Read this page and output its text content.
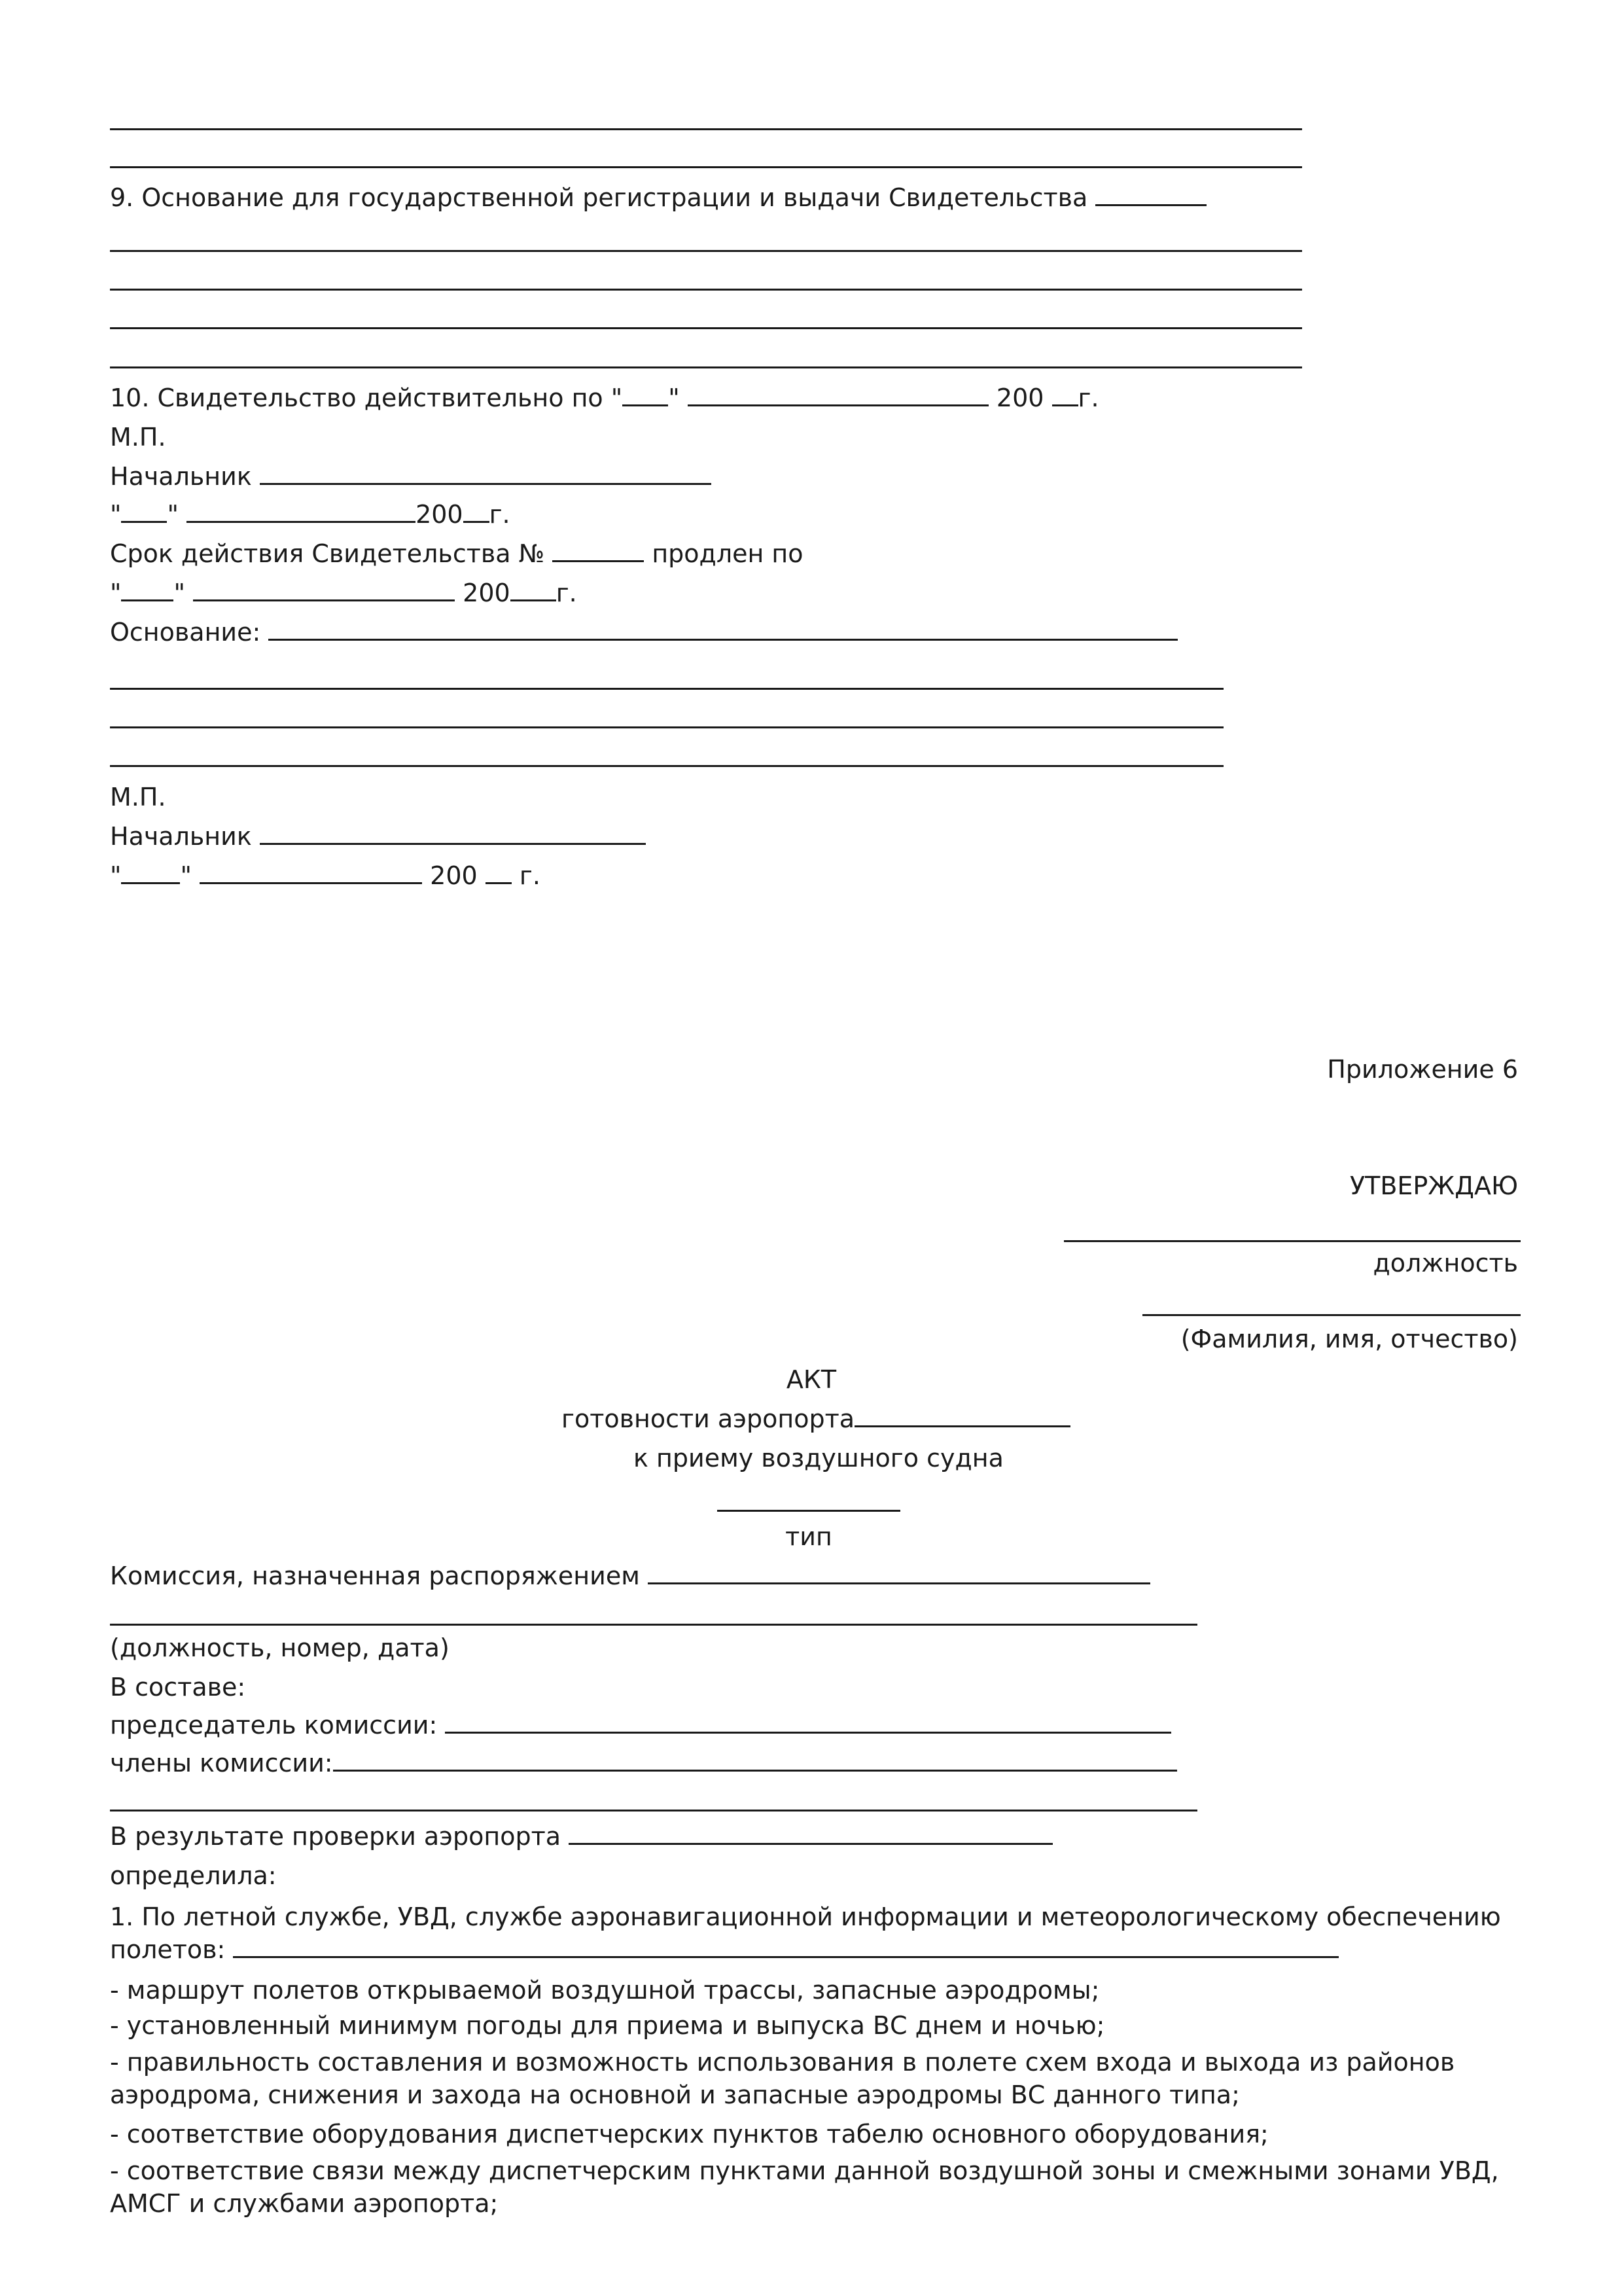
9. Основание для государственной регистрации и выдачи Свидетельства
10. Свидетельство действительно по " "	200 г.
М.П.
Начальник
" "	200 г.
Срок действия Свидетельства №	продлен по
" "	200 г.
Основание:
М.П.
Начальник
" "	200 г.
Приложение 6
УТВЕРЖДАЮ
должность
(Фамилия, имя, отчество)
АКТ
готовности аэропорта
к приему воздушного судна
тип
Комиссия, назначенная распоряжением
(должность, номер, дата)
В составе:
председатель комиссии:
члены комиссии:
В результате проверки аэропорта
определила:
1. По летной службе, УВД, службе аэронавигационной информации и метеорологическому обеспечению полетов:
- маршрут полетов открываемой воздушной трассы, запасные аэродромы;
- установленный минимум погоды для приема и выпуска ВС днем и ночью;
- правильность составления и возможность использования в полете схем входа и выхода из районов аэродрома, снижения и захода на основной и запасные аэродромы ВС данного типа;
- соответствие оборудования диспетчерских пунктов табелю основного оборудования;
- соответствие связи между диспетчерским пунктами данной воздушной зоны и смежными зонами УВД, АМСГ и службами аэропорта;
